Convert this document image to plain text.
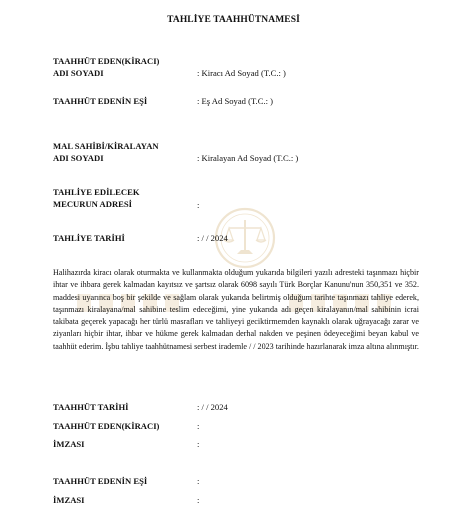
TAHLİYE TAAHHÜTNAMESİ
TAAHHÜT EDEN(KİRACI)
ADI SOYADI	: Kiracı Ad Soyad (T.C.: )
TAAHHÜT EDENİN EŞİ	: Eş Ad Soyad (T.C.: )
MAL SAHİBİ/KİRALAYAN
ADI SOYADI	: Kiralayan Ad Soyad (T.C.: )
TAHLİYE EDİLECEK
MECURUN ADRESİ	:
TAHLİYE TARİHİ	: / / 2024
Halihazırda kiracı olarak oturmakta ve kullanmakta olduğum yukarıda bilgileri yazılı adresteki taşınmazı hiçbir ihtar ve ihbara gerek kalmadan kayıtsız ve şartsız olarak 6098 sayılı Türk Borçlar Kanunu'nun 350,351 ve 352. maddesi uyarınca boş bir şekilde ve sağlam olarak yukarıda belirtmiş olduğum tarihte taşınmazı tahliye ederek, taşınmazı kiralayana/mal sahibine teslim edeceğimi, yine yukarıda adı geçen kiralayanın/mal sahibinin icrai takibata geçerek yapacağı her türlü masrafları ve tahliyeyi geciktirmemden kaynaklı olarak uğrayacağı zarar ve ziyanları hiçbir ihtar, ihbar ve hükme gerek kalmadan derhal nakden ve peşinen ödeyeceğimi beyan kabul ve taahhüt ederim. İşbu tahliye taahhütnamesi serbest irademle / / 2023 tarihinde hazırlanarak imza altına alınmıştır.
TAAHHÜT TARİHİ	: / / 2024
TAAHHÜT EDEN(KİRACI)	:
İMZASI	:
TAAHHÜT EDENİN EŞİ	:
İMZASI	:
